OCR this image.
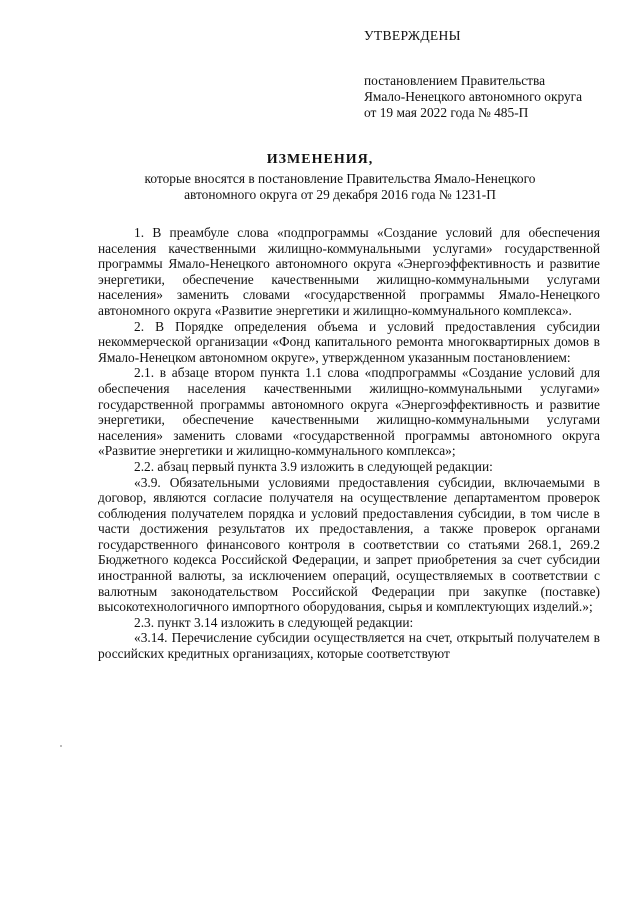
УТВЕРЖДЕНЫ
постановлением Правительства
Ямало-Ненецкого автономного округа
от 19 мая 2022 года № 485-П
ИЗМЕНЕНИЯ,
которые вносятся в постановление Правительства Ямало-Ненецкого
автономного округа от 29 декабря 2016 года № 1231-П

1. В преамбуле слова «подпрограммы «Создание условий для обеспечения населения качественными жилищно-коммунальными услугами» государственной программы Ямало-Ненецкого автономного округа «Энергоэффективность и развитие энергетики, обеспечение качественными жилищно-коммунальными услугами населения» заменить словами «государственной программы Ямало-Ненецкого автономного округа «Развитие энергетики и жилищно-коммунального комплекса».

2. В Порядке определения объема и условий предоставления субсидии некоммерческой организации «Фонд капитального ремонта многоквартирных домов в Ямало-Ненецком автономном округе», утвержденном указанным постановлением:

2.1. в абзаце втором пункта 1.1 слова «подпрограммы «Создание условий для обеспечения населения качественными жилищно-коммунальными услугами» государственной программы автономного округа «Энергоэффективность и развитие энергетики, обеспечение качественными жилищно-коммунальными услугами населения» заменить словами «государственной программы автономного округа «Развитие энергетики и жилищно-коммунального комплекса»;

2.2. абзац первый пункта 3.9 изложить в следующей редакции:

«3.9. Обязательными условиями предоставления субсидии, включаемыми в договор, являются согласие получателя на осуществление департаментом проверок соблюдения получателем порядка и условий предоставления субсидии, в том числе в части достижения результатов их предоставления, а также проверок органами государственного финансового контроля в соответствии со статьями 268.1, 269.2 Бюджетного кодекса Российской Федерации, и запрет приобретения за счет субсидии иностранной валюты, за исключением операций, осуществляемых в соответствии с валютным законодательством Российской Федерации при закупке (поставке) высокотехнологичного импортного оборудования, сырья и комплектующих изделий.»;

2.3. пункт 3.14 изложить в следующей редакции:

«3.14. Перечисление субсидии осуществляется на счет, открытый получателем в российских кредитных организациях, которые соответствуют
